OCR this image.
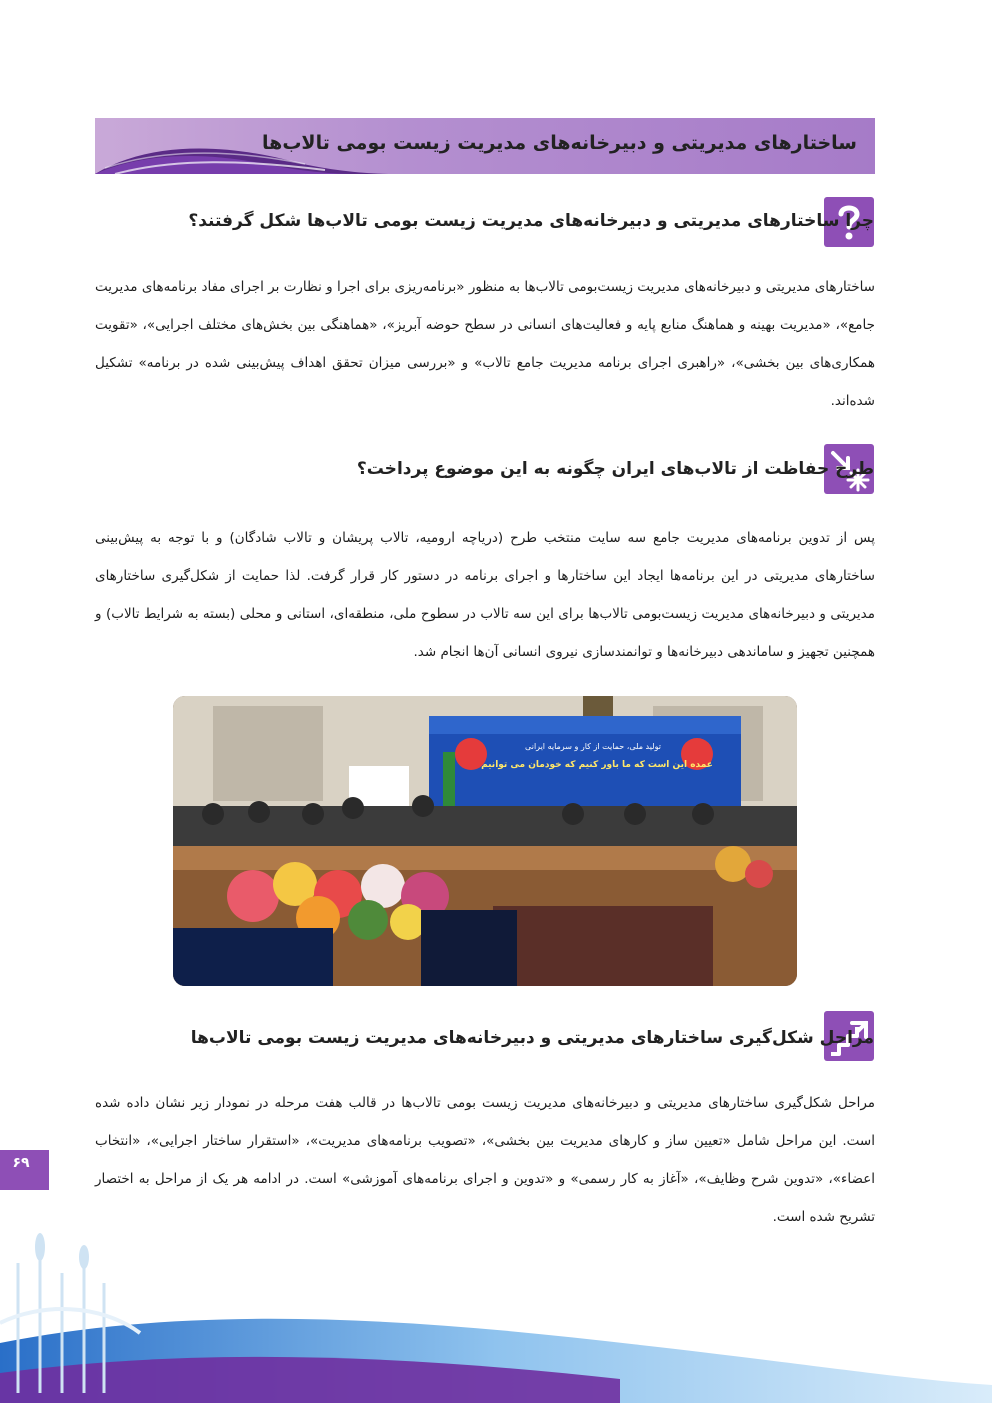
ساختارهای مدیریتی و دبیرخانه‌های مدیریت زیست بومی تالاب‌ها
چرا ساختارهای مدیریتی و دبیرخانه‌های مدیریت زیست بومی تالاب‌ها شکل گرفتند؟
ساختارهای مدیریتی و دبیرخانه‌های مدیریت زیست‌بومی تالاب‌ها به منظور «برنامه‌ریزی برای اجرا و نظارت بر اجرای مفاد برنامه‌های مدیریت جامع»، «مدیریت بهینه و هماهنگ منابع پایه و فعالیت‌های انسانی در سطح حوضه آبریز»، «هماهنگی بین بخش‌های مختلف اجرایی»، «تقویت همکاری‌های بین بخشی»، «راهبری اجرای برنامه مدیریت جامع تالاب» و «بررسی میزان تحقق اهداف پیش‌بینی شده در برنامه» تشکیل شده‌اند.
طرح حفاظت از تالاب‌های ایران چگونه به این موضوع پرداخت؟
پس از تدوین برنامه‌های مدیریت جامع سه سایت منتخب طرح (دریاچه ارومیه، تالاب پریشان و تالاب شادگان) و با توجه به پیش‌بینی ساختارهای مدیریتی در این برنامه‌ها ایجاد این ساختارها و اجرای برنامه در دستور کار قرار گرفت. لذا حمایت از شکل‌گیری ساختارهای مدیریتی و دبیرخانه‌های مدیریت زیست‌بومی تالاب‌ها برای این سه تالاب در سطوح ملی، منطقه‌ای، استانی و محلی (بسته به شرایط تالاب) و همچنین تجهیز و ساماندهی دبیرخانه‌ها و توانمندسازی نیروی انسانی آن‌ها انجام شد.
تولید ملی، حمایت از کار و سرمایه ایرانی
عمده این است که ما باور کنیم که خودمان می توانیم
مراحل شکل‌گیری ساختارهای مدیریتی و دبیرخانه‌های مدیریت زیست بومی تالاب‌ها
مراحل شکل‌گیری ساختارهای مدیریتی و دبیرخانه‌های مدیریت زیست بومی تالاب‌ها در قالب هفت مرحله در نمودار زیر نشان داده شده است. این مراحل شامل «تعیین ساز و کارهای مدیریت بین بخشی»، «تصویب برنامه‌های مدیریت»، «استقرار ساختار اجرایی»، «انتخاب اعضاء»، «تدوین شرح وظایف»، «آغاز به کار رسمی» و «تدوین و اجرای برنامه‌های آموزشی» است. در ادامه هر یک از مراحل به اختصار تشریح شده است.
۶۹
